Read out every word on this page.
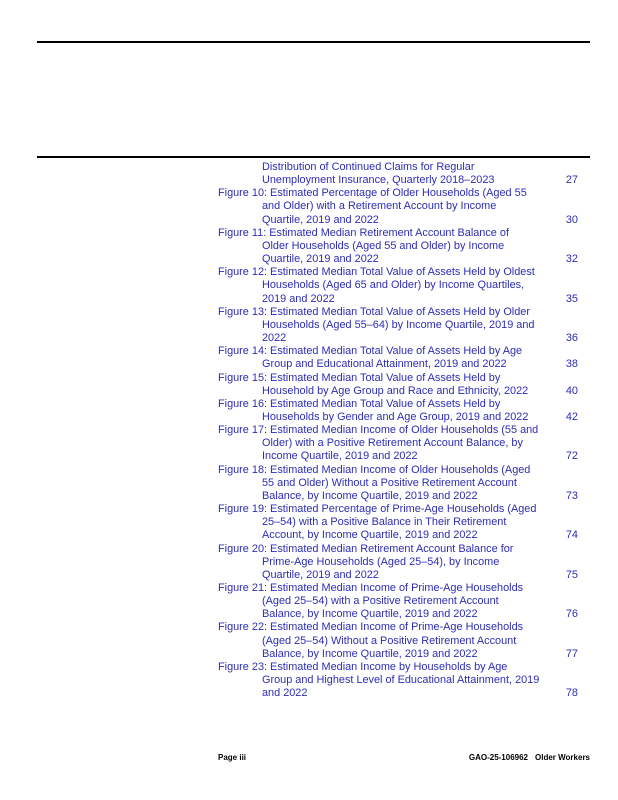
Distribution of Continued Claims for Regular
Unemployment Insurance, Quarterly 2018–2023	27
Figure 10: Estimated Percentage of Older Households (Aged 55
and Older) with a Retirement Account by Income
Quartile, 2019 and 2022	30
Figure 11: Estimated Median Retirement Account Balance of
Older Households (Aged 55 and Older) by Income
Quartile, 2019 and 2022	32
Figure 12: Estimated Median Total Value of Assets Held by Oldest
Households (Aged 65 and Older) by Income Quartiles,
2019 and 2022	35
Figure 13: Estimated Median Total Value of Assets Held by Older
Households (Aged 55–64) by Income Quartile, 2019 and
2022	36
Figure 14: Estimated Median Total Value of Assets Held by Age
Group and Educational Attainment, 2019 and 2022	38
Figure 15: Estimated Median Total Value of Assets Held by
Household by Age Group and Race and Ethnicity, 2022	40
Figure 16: Estimated Median Total Value of Assets Held by
Households by Gender and Age Group, 2019 and 2022	42
Figure 17: Estimated Median Income of Older Households (55 and
Older) with a Positive Retirement Account Balance, by
Income Quartile, 2019 and 2022	72
Figure 18: Estimated Median Income of Older Households (Aged
55 and Older) Without a Positive Retirement Account
Balance, by Income Quartile, 2019 and 2022	73
Figure 19: Estimated Percentage of Prime-Age Households (Aged
25–54) with a Positive Balance in Their Retirement
Account, by Income Quartile, 2019 and 2022	74
Figure 20: Estimated Median Retirement Account Balance for
Prime-Age Households (Aged 25–54), by Income
Quartile, 2019 and 2022	75
Figure 21: Estimated Median Income of Prime-Age Households
(Aged 25–54) with a Positive Retirement Account
Balance, by Income Quartile, 2019 and 2022	76
Figure 22: Estimated Median Income of Prime-Age Households
(Aged 25–54) Without a Positive Retirement Account
Balance, by Income Quartile, 2019 and 2022	77
Figure 23: Estimated Median Income by Households by Age
Group and Highest Level of Educational Attainment, 2019
and 2022	78
Page iii	GAO-25-106962 Older Workers
